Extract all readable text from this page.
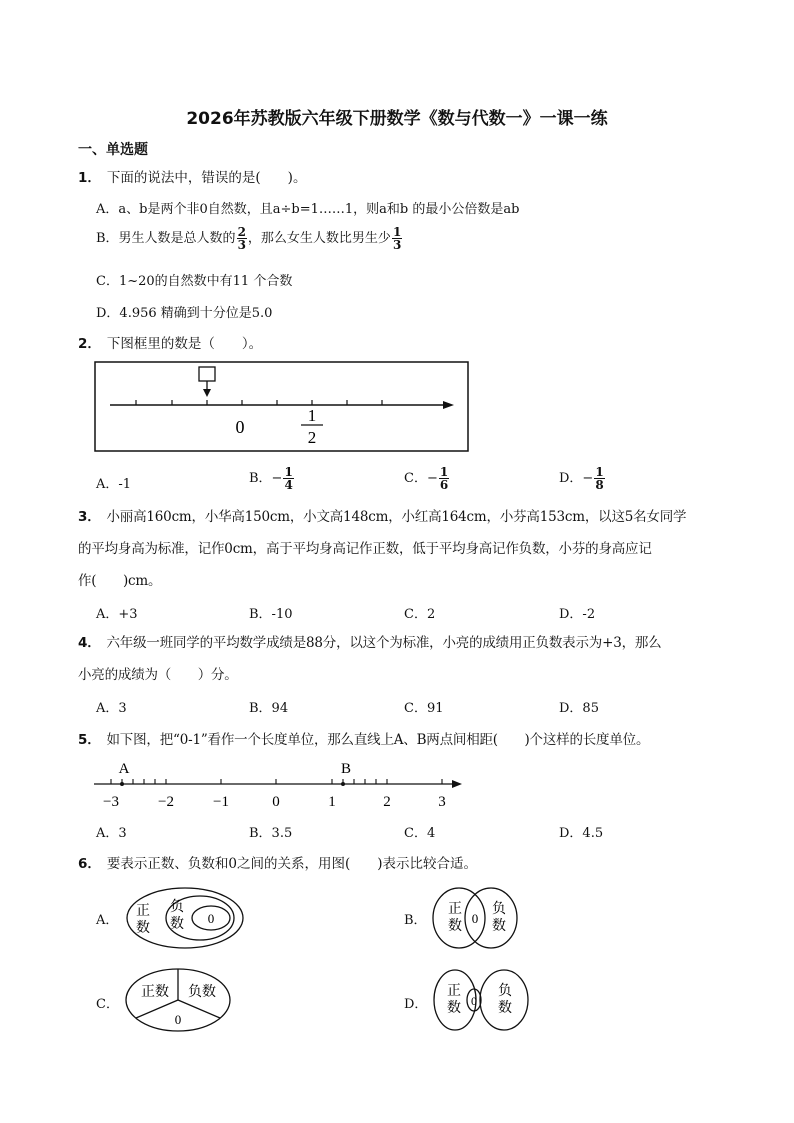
2026年苏教版六年级下册数学《数与代数一》一课一练
一、单选题
1． 下面的说法中，错误的是(　　)。
A．a、b是两个非0自然数，且a÷b=1……1，则a和b 的最小公倍数是ab
B．男生人数是总人数的 $\frac{2}{3}$ ，那么女生人数比男生少 $\frac{1}{3}$
C．1~20的自然数中有11 个合数
D．4.956 精确到十分位是5.0
2． 下图框里的数是（　　）。
0
1
2
A．-1	B．− $\frac{1}{4}$	C．− $\frac{1}{6}$	D．− $\frac{1}{8}$
3． 小丽高160cm，小华高150cm，小文高148cm，小红高164cm，小芬高153cm，以这5名女同学
的平均身高为标准，记作0cm，高于平均身高记作正数，低于平均身高记作负数，小芬的身高应记
作(　　)cm。
A．+3	B．-10	C．2	D．-2
4． 六年级一班同学的平均数学成绩是88分，以这个为标准，小亮的成绩用正负数表示为+3，那么
小亮的成绩为（　　）分。
A．3	B．94	C．91	D．85
5． 如下图，把“0-1”看作一个长度单位，那么直线上A、B两点间相距(　　)个这样的长度单位。
A	B
−3	−2	−1	0	1	2	3
A．3	B．3.5	C．4	D．4.5
6． 要表示正数、负数和0之间的关系，用图(　　)表示比较合适。
A．
正
数
负
数 0	B．
正
数
0
负
数
C．
正数 负数
0
D．
正
数 0
负
数
